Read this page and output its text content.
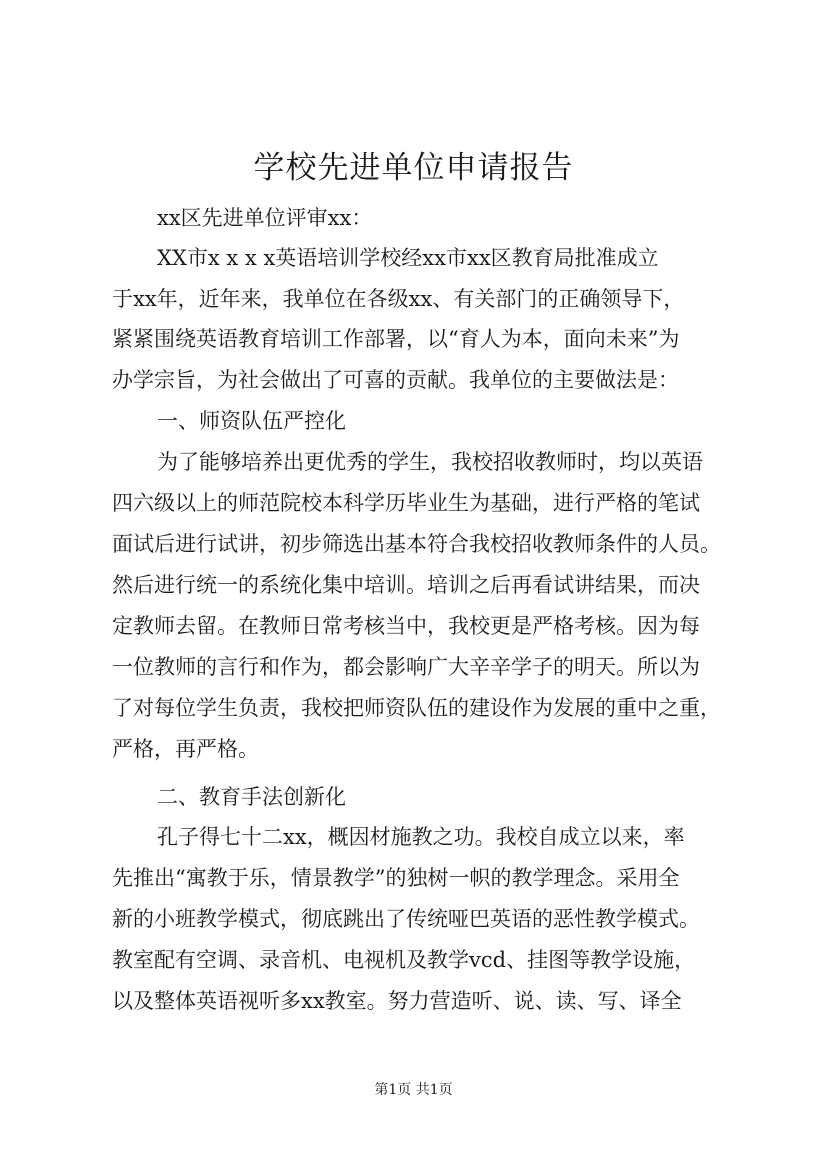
学校先进单位申请报告
xx区先进单位评审xx：
XX市x x x x英语培训学校经xx市xx区教育局批准成立
于xx年，近年来，我单位在各级xx、有关部门的正确领导下，
紧紧围绕英语教育培训工作部署，以“育人为本，面向未来”为
办学宗旨，为社会做出了可喜的贡献。我单位的主要做法是：
一、师资队伍严控化
为了能够培养出更优秀的学生，我校招收教师时，均以英语
四六级以上的师范院校本科学历毕业生为基础，进行严格的笔试
面试后进行试讲，初步筛选出基本符合我校招收教师条件的人员。
然后进行统一的系统化集中培训。培训之后再看试讲结果，而决
定教师去留。在教师日常考核当中，我校更是严格考核。因为每
一位教师的言行和作为，都会影响广大辛辛学子的明天。所以为
了对每位学生负责，我校把师资队伍的建设作为发展的重中之重，
严格，再严格。
二、教育手法创新化
孔子得七十二xx，概因材施教之功。我校自成立以来，率
先推出“寓教于乐，情景教学”的独树一帜的教学理念。采用全
新的小班教学模式，彻底跳出了传统哑巴英语的恶性教学模式。
教室配有空调、录音机、电视机及教学vcd、挂图等教学设施，
以及整体英语视听多xx教室。努力营造听、说、读、写、译全
第1页 共1页
